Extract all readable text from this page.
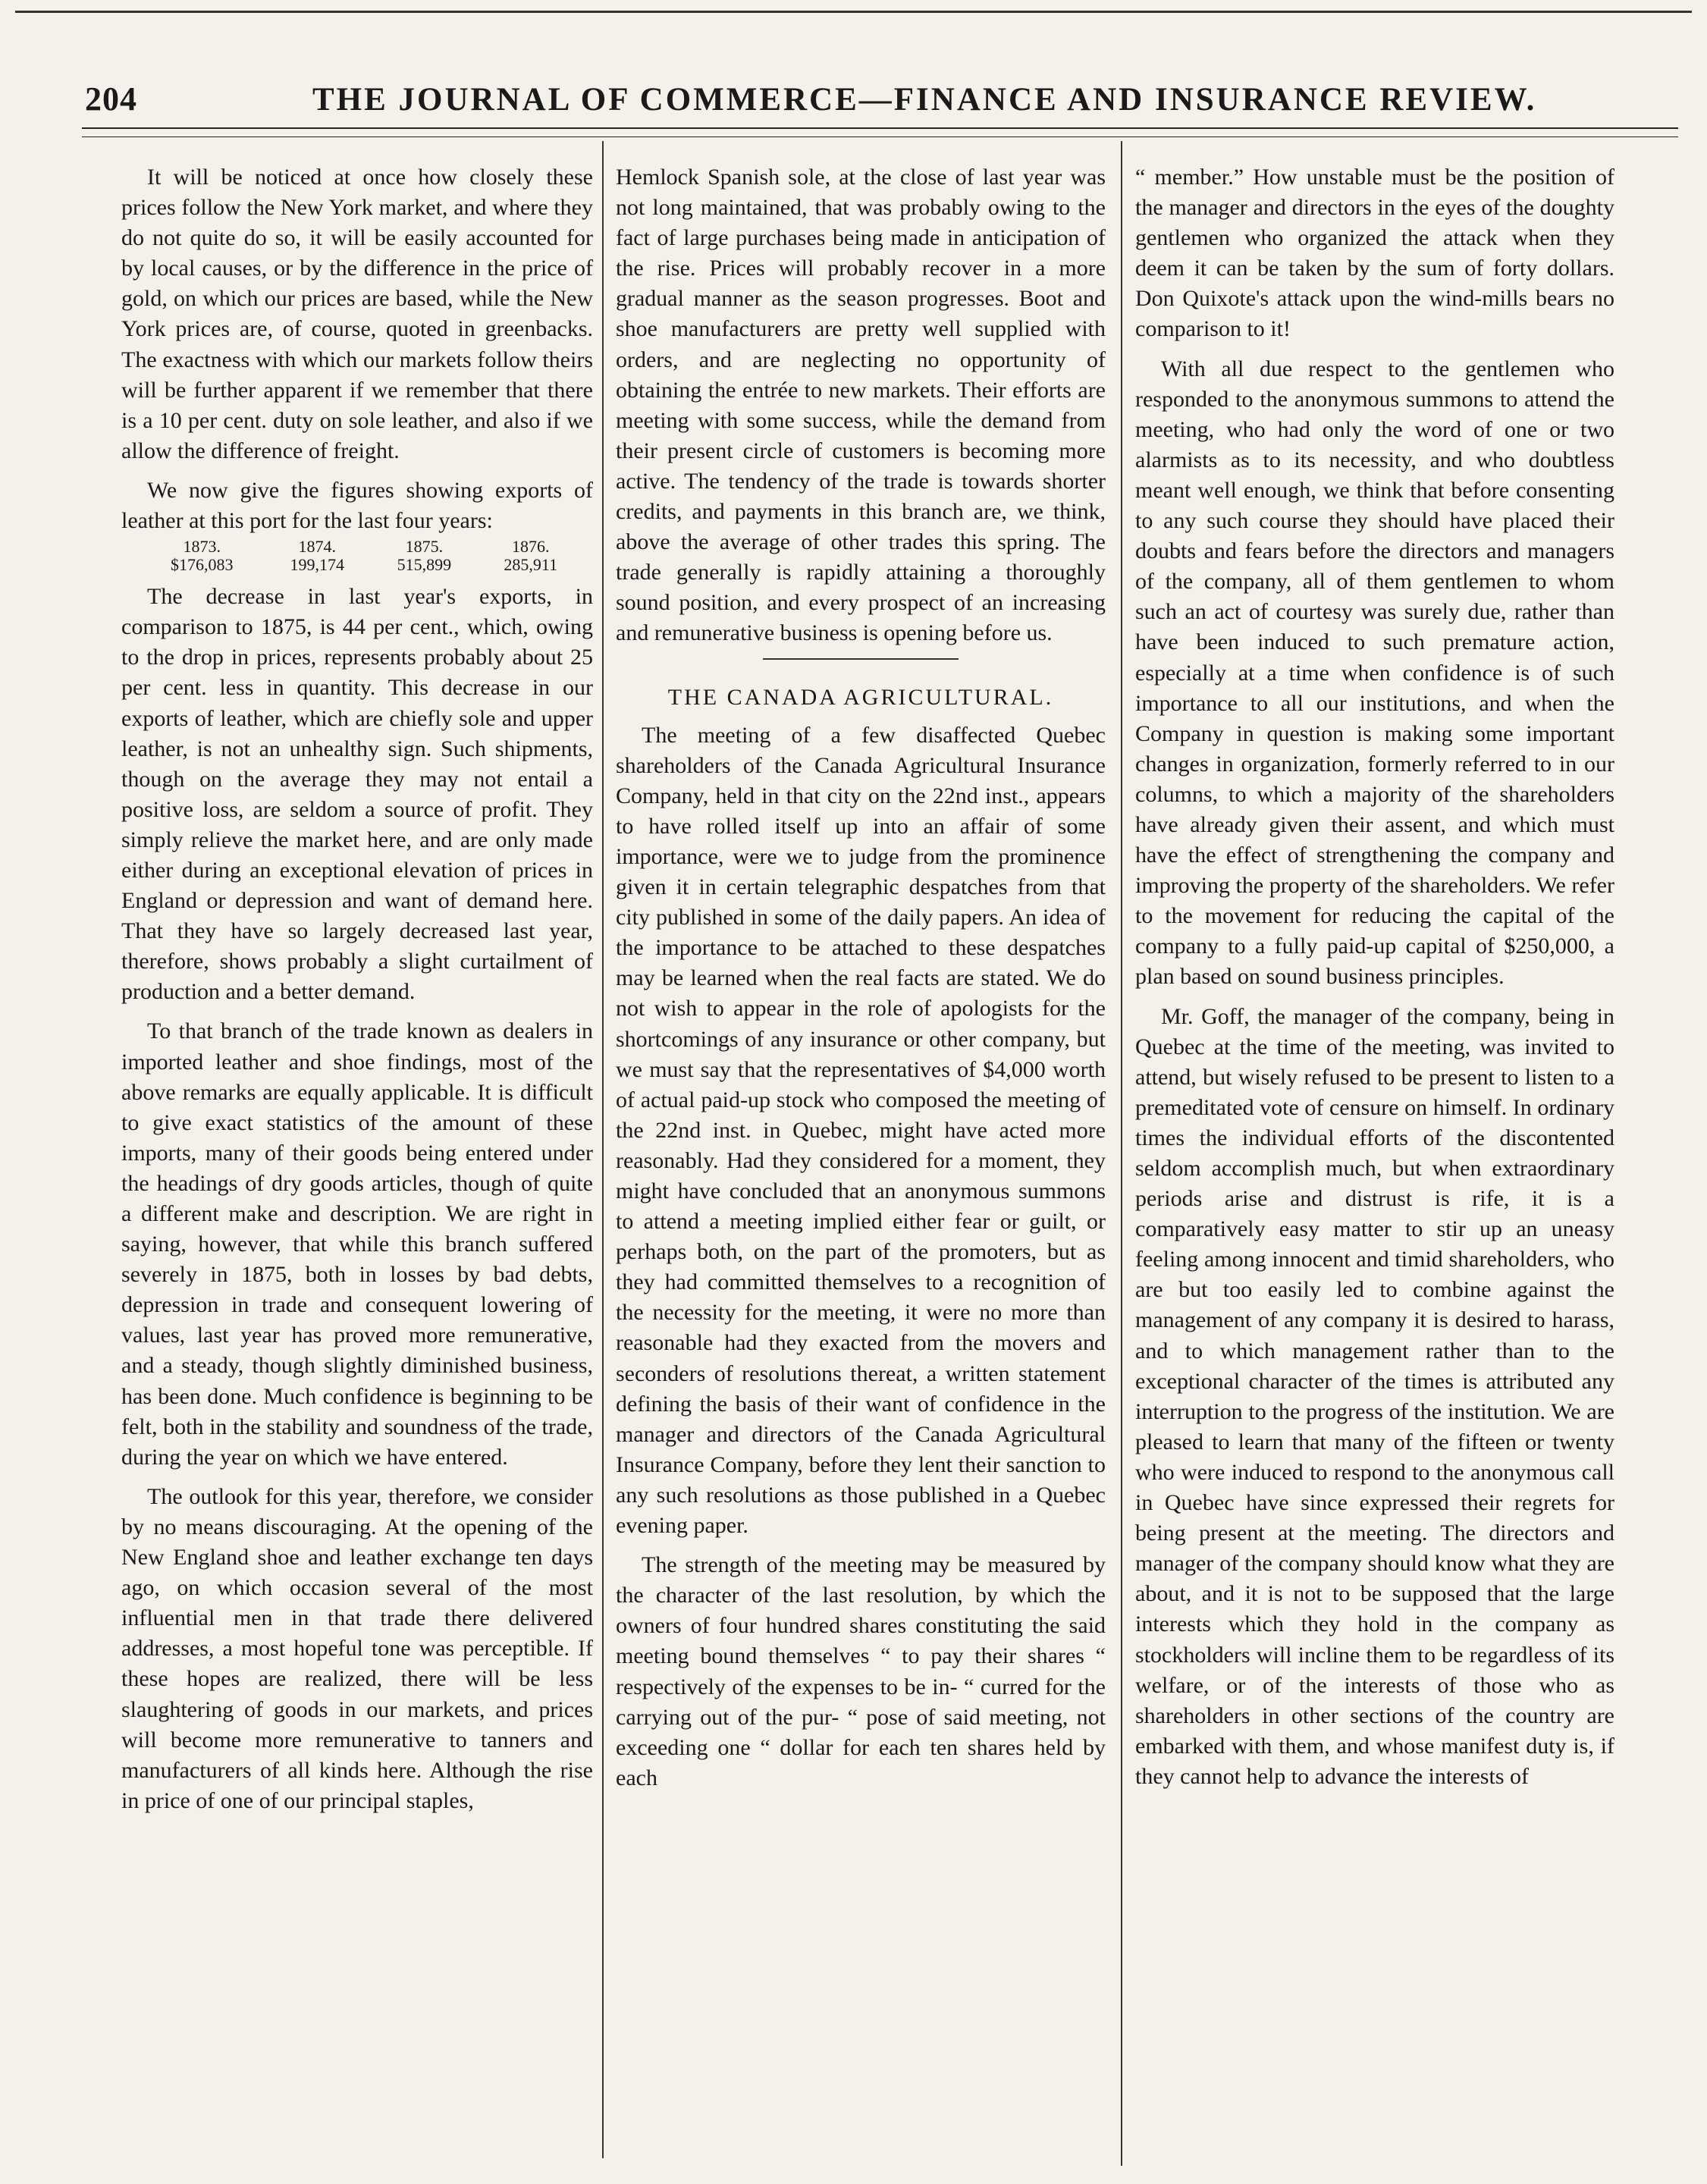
204	THE JOURNAL OF COMMERCE—FINANCE AND INSURANCE REVIEW.

It will be noticed at once how closely these prices follow the New York market, and where they do not quite do so, it will be easily accounted for by local causes, or by the difference in the price of gold, on which our prices are based, while the New York prices are, of course, quoted in greenbacks. The exactness with which our markets follow theirs will be further apparent if we remember that there is a 10 per cent. duty on sole leather, and also if we allow the difference of freight.

We now give the figures showing exports of leather at this port for the last four years:

1873.	1874.	1875.	1876.
$176,083	199,174	515,899	285,911

The decrease in last year's exports, in comparison to 1875, is 44 per cent., which, owing to the drop in prices, represents probably about 25 per cent. less in quantity. This decrease in our exports of leather, which are chiefly sole and upper leather, is not an unhealthy sign. Such shipments, though on the average they may not entail a positive loss, are seldom a source of profit. They simply relieve the market here, and are only made either during an exceptional elevation of prices in England or depression and want of demand here. That they have so largely decreased last year, therefore, shows probably a slight curtailment of production and a better demand.

To that branch of the trade known as dealers in imported leather and shoe findings, most of the above remarks are equally applicable. It is difficult to give exact statistics of the amount of these imports, many of their goods being entered under the headings of dry goods articles, though of quite a different make and description. We are right in saying, however, that while this branch suffered severely in 1875, both in losses by bad debts, depression in trade and consequent lowering of values, last year has proved more remunerative, and a steady, though slightly diminished business, has been done. Much confidence is beginning to be felt, both in the stability and soundness of the trade, during the year on which we have entered.

The outlook for this year, therefore, we consider by no means discouraging. At the opening of the New England shoe and leather exchange ten days ago, on which occasion several of the most influential men in that trade there delivered addresses, a most hopeful tone was perceptible. If these hopes are realized, there will be less slaughtering of goods in our markets, and prices will become more remunerative to tanners and manufacturers of all kinds here. Although the rise in price of one of our principal staples,

Hemlock Spanish sole, at the close of last year was not long maintained, that was probably owing to the fact of large purchases being made in anticipation of the rise. Prices will probably recover in a more gradual manner as the season progresses. Boot and shoe manufacturers are pretty well supplied with orders, and are neglecting no opportunity of obtaining the entrée to new markets. Their efforts are meeting with some success, while the demand from their present circle of customers is becoming more active. The tendency of the trade is towards shorter credits, and payments in this branch are, we think, above the average of other trades this spring. The trade generally is rapidly attaining a thoroughly sound position, and every prospect of an increasing and remunerative business is opening before us.

THE CANADA AGRICULTURAL.

The meeting of a few disaffected Quebec shareholders of the Canada Agricultural Insurance Company, held in that city on the 22nd inst., appears to have rolled itself up into an affair of some importance, were we to judge from the prominence given it in certain telegraphic despatches from that city published in some of the daily papers. An idea of the importance to be attached to these despatches may be learned when the real facts are stated. We do not wish to appear in the role of apologists for the shortcomings of any insurance or other company, but we must say that the representatives of $4,000 worth of actual paid-up stock who composed the meeting of the 22nd inst. in Quebec, might have acted more reasonably. Had they considered for a moment, they might have concluded that an anonymous summons to attend a meeting implied either fear or guilt, or perhaps both, on the part of the promoters, but as they had committed themselves to a recognition of the necessity for the meeting, it were no more than reasonable had they exacted from the movers and seconders of resolutions thereat, a written statement defining the basis of their want of confidence in the manager and directors of the Canada Agricultural Insurance Company, before they lent their sanction to any such resolutions as those published in a Quebec evening paper.

The strength of the meeting may be measured by the character of the last resolution, by which the owners of four hundred shares constituting the said meeting bound themselves “ to pay their shares “ respectively of the expenses to be in- “ curred for the carrying out of the pur- “ pose of said meeting, not exceeding one “ dollar for each ten shares held by each

“ member.” How unstable must be the position of the manager and directors in the eyes of the doughty gentlemen who organized the attack when they deem it can be taken by the sum of forty dollars. Don Quixote's attack upon the wind-mills bears no comparison to it!

With all due respect to the gentlemen who responded to the anonymous summons to attend the meeting, who had only the word of one or two alarmists as to its necessity, and who doubtless meant well enough, we think that before consenting to any such course they should have placed their doubts and fears before the directors and managers of the company, all of them gentlemen to whom such an act of courtesy was surely due, rather than have been induced to such premature action, especially at a time when confidence is of such importance to all our institutions, and when the Company in question is making some important changes in organization, formerly referred to in our columns, to which a majority of the shareholders have already given their assent, and which must have the effect of strengthening the company and improving the property of the shareholders. We refer to the movement for reducing the capital of the company to a fully paid-up capital of $250,000, a plan based on sound business principles.

Mr. Goff, the manager of the company, being in Quebec at the time of the meeting, was invited to attend, but wisely refused to be present to listen to a premeditated vote of censure on himself. In ordinary times the individual efforts of the discontented seldom accomplish much, but when extraordinary periods arise and distrust is rife, it is a comparatively easy matter to stir up an uneasy feeling among innocent and timid shareholders, who are but too easily led to combine against the management of any company it is desired to harass, and to which management rather than to the exceptional character of the times is attributed any interruption to the progress of the institution. We are pleased to learn that many of the fifteen or twenty who were induced to respond to the anonymous call in Quebec have since expressed their regrets for being present at the meeting. The directors and manager of the company should know what they are about, and it is not to be supposed that the large interests which they hold in the company as stockholders will incline them to be regardless of its welfare, or of the interests of those who as shareholders in other sections of the country are embarked with them, and whose manifest duty is, if they cannot help to advance the interests of
